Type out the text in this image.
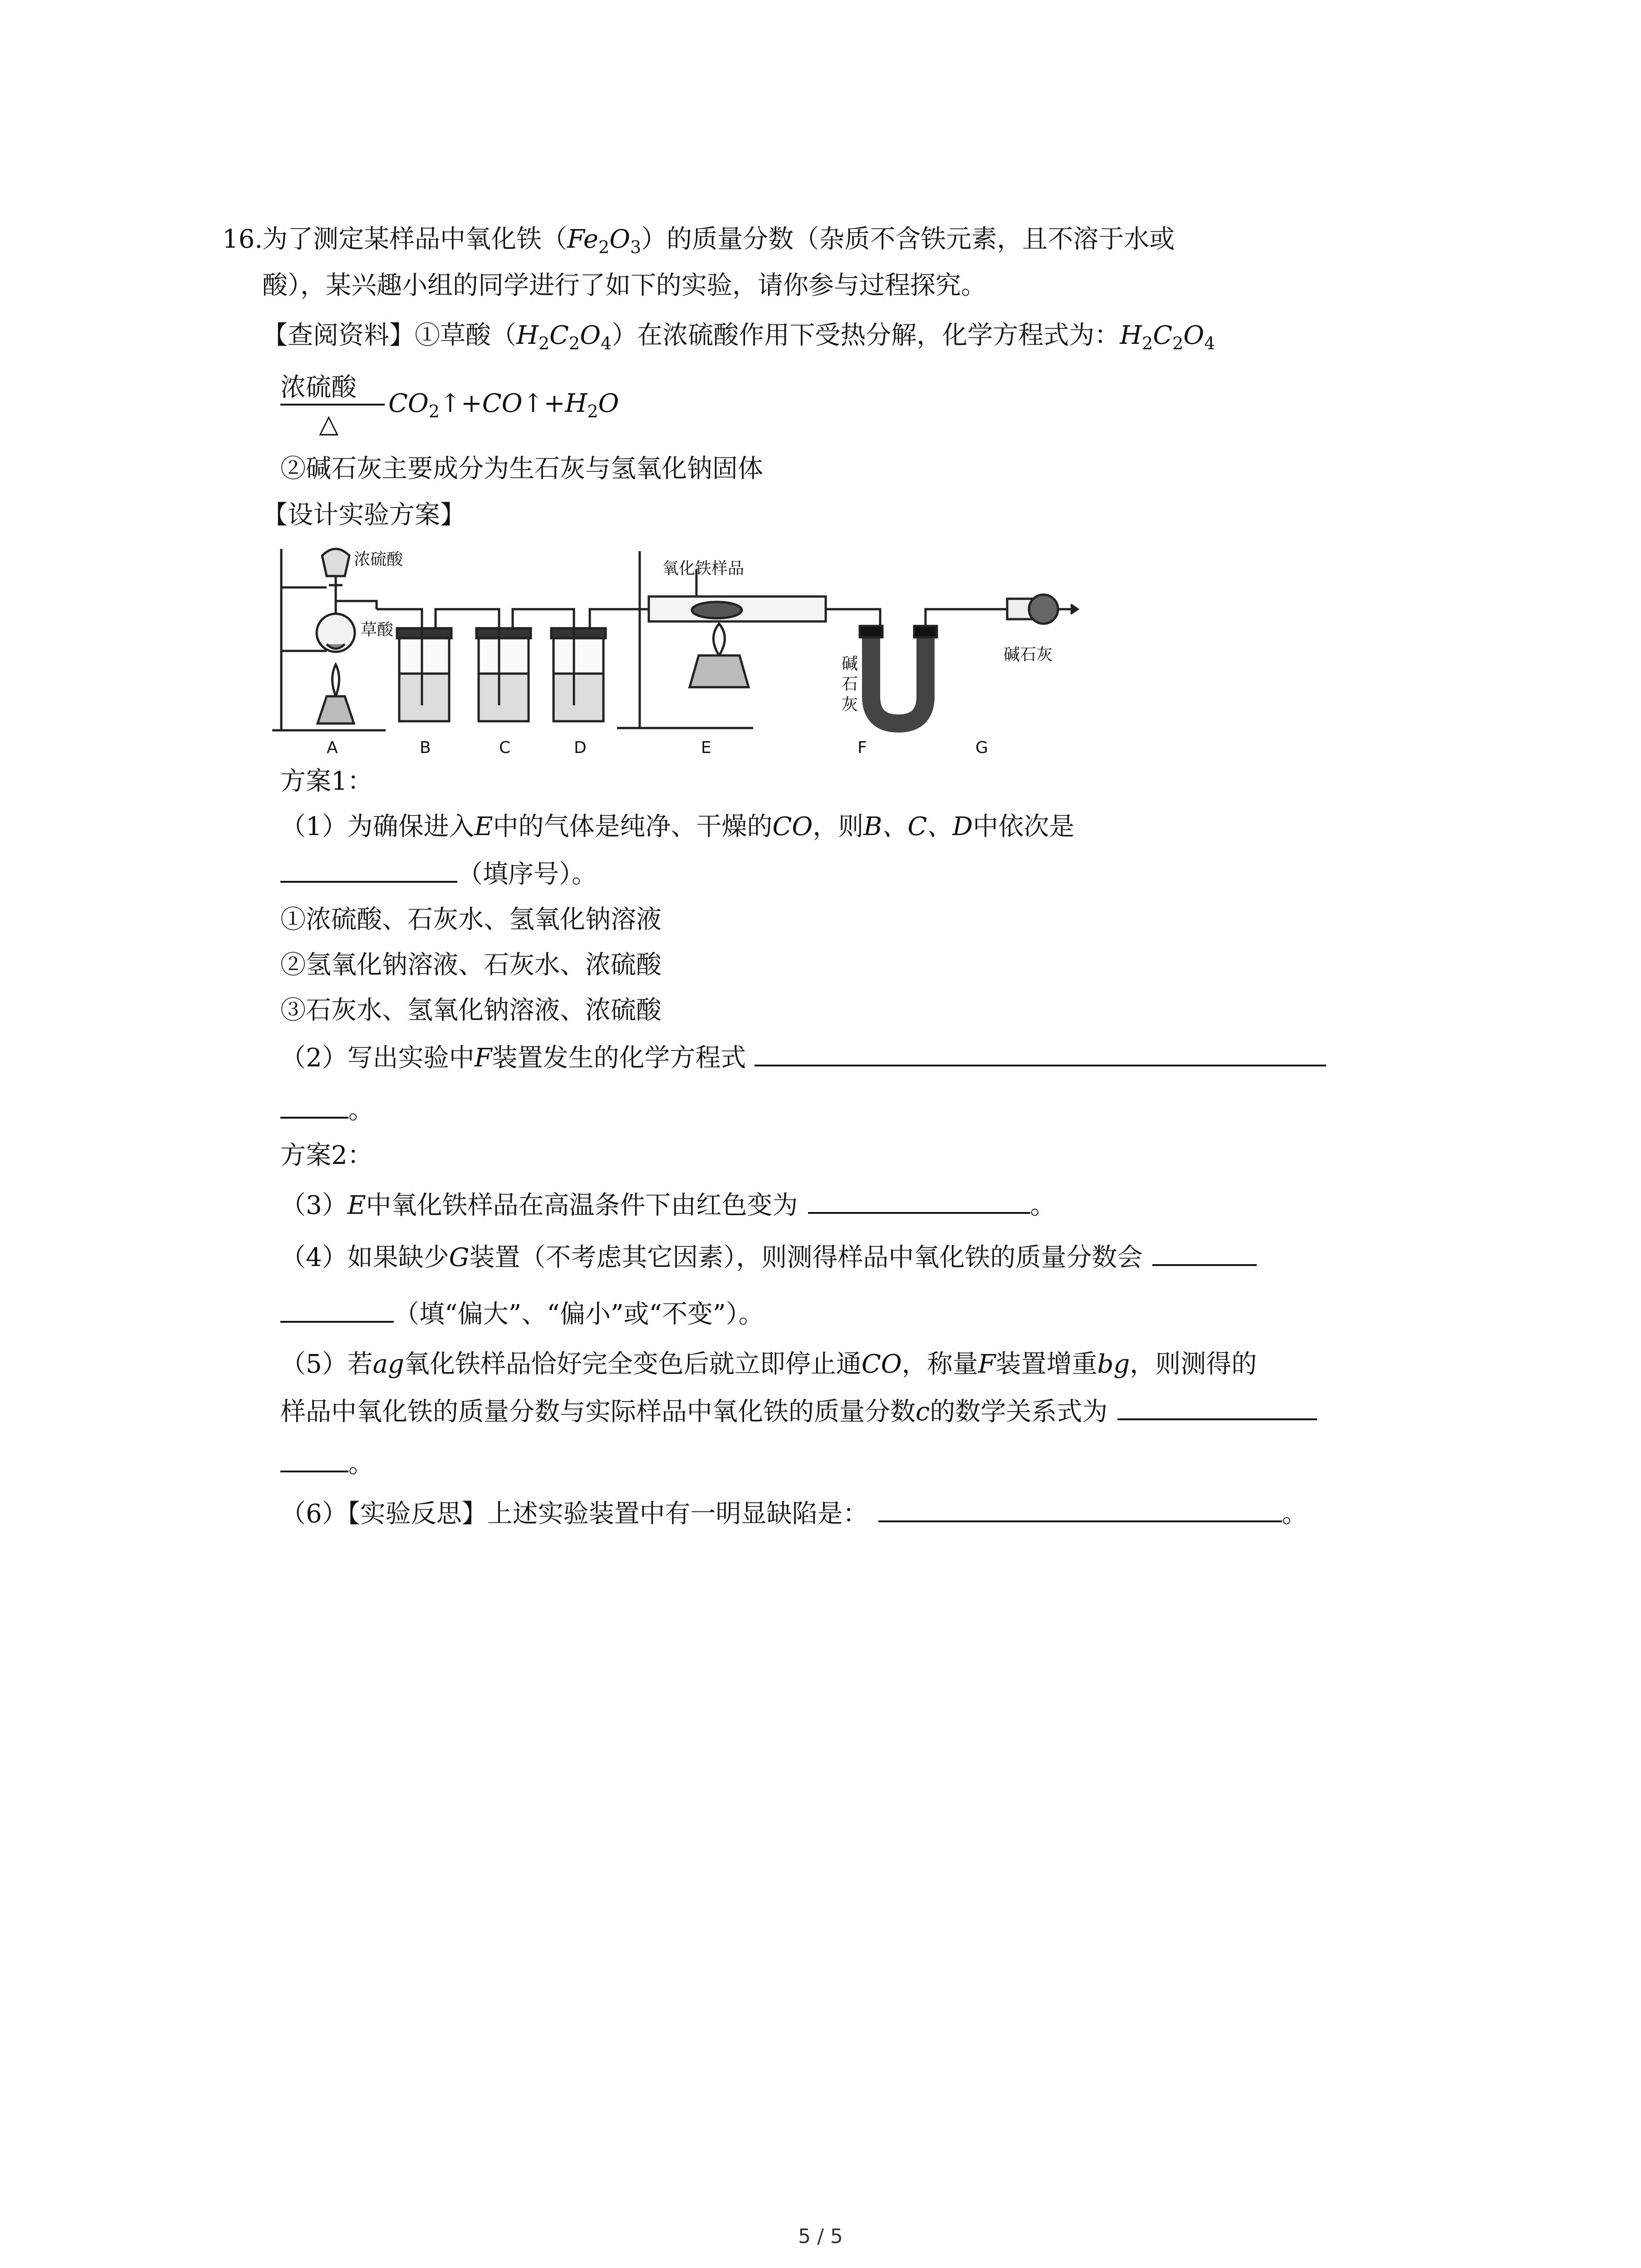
16.
为了测定某样品中氧化铁$(Fe_2O_3)$的质量分数（杂质不含铁元素，且不溶于水或
酸），某兴趣小组的同学进行了如下的实验，请你参与过程探究。
【查阅资料】①草酸$(H_2C_2O_4)$在浓硫酸作用下受热分解，化学方程式为：$H_2C_2O_4$
浓硫酸
△
$CO_2↑+CO↑+H_2O$
②碱石灰主要成分为生石灰与氢氧化钠固体
【设计实验方案】
浓硫酸
草酸
氧化铁样品
碱
石
灰
碱石灰
A	B	C	D	E	F	G
方案1：
（1）为确保进入E中的气体是纯净、干燥的CO，则B、C、D中依次是
（填序号）。
①浓硫酸、石灰水、氢氧化钠溶液
②氢氧化钠溶液、石灰水、浓硫酸
③石灰水、氢氧化钠溶液、浓硫酸
（2）写出实验中F装置发生的化学方程式
。
方案2：
（3）E中氧化铁样品在高温条件下由红色变为	。
（4）如果缺少G装置（不考虑其它因素），则测得样品中氧化铁的质量分数会
（填“偏大”、“偏小”或“不变”）。
（5）若ag氧化铁样品恰好完全变色后就立即停止通CO，称量F装置增重bg，则测得的
样品中氧化铁的质量分数与实际样品中氧化铁的质量分数c的数学关系式为
。
（6）【实验反思】上述实验装置中有一明显缺陷是：	。
5 / 5
